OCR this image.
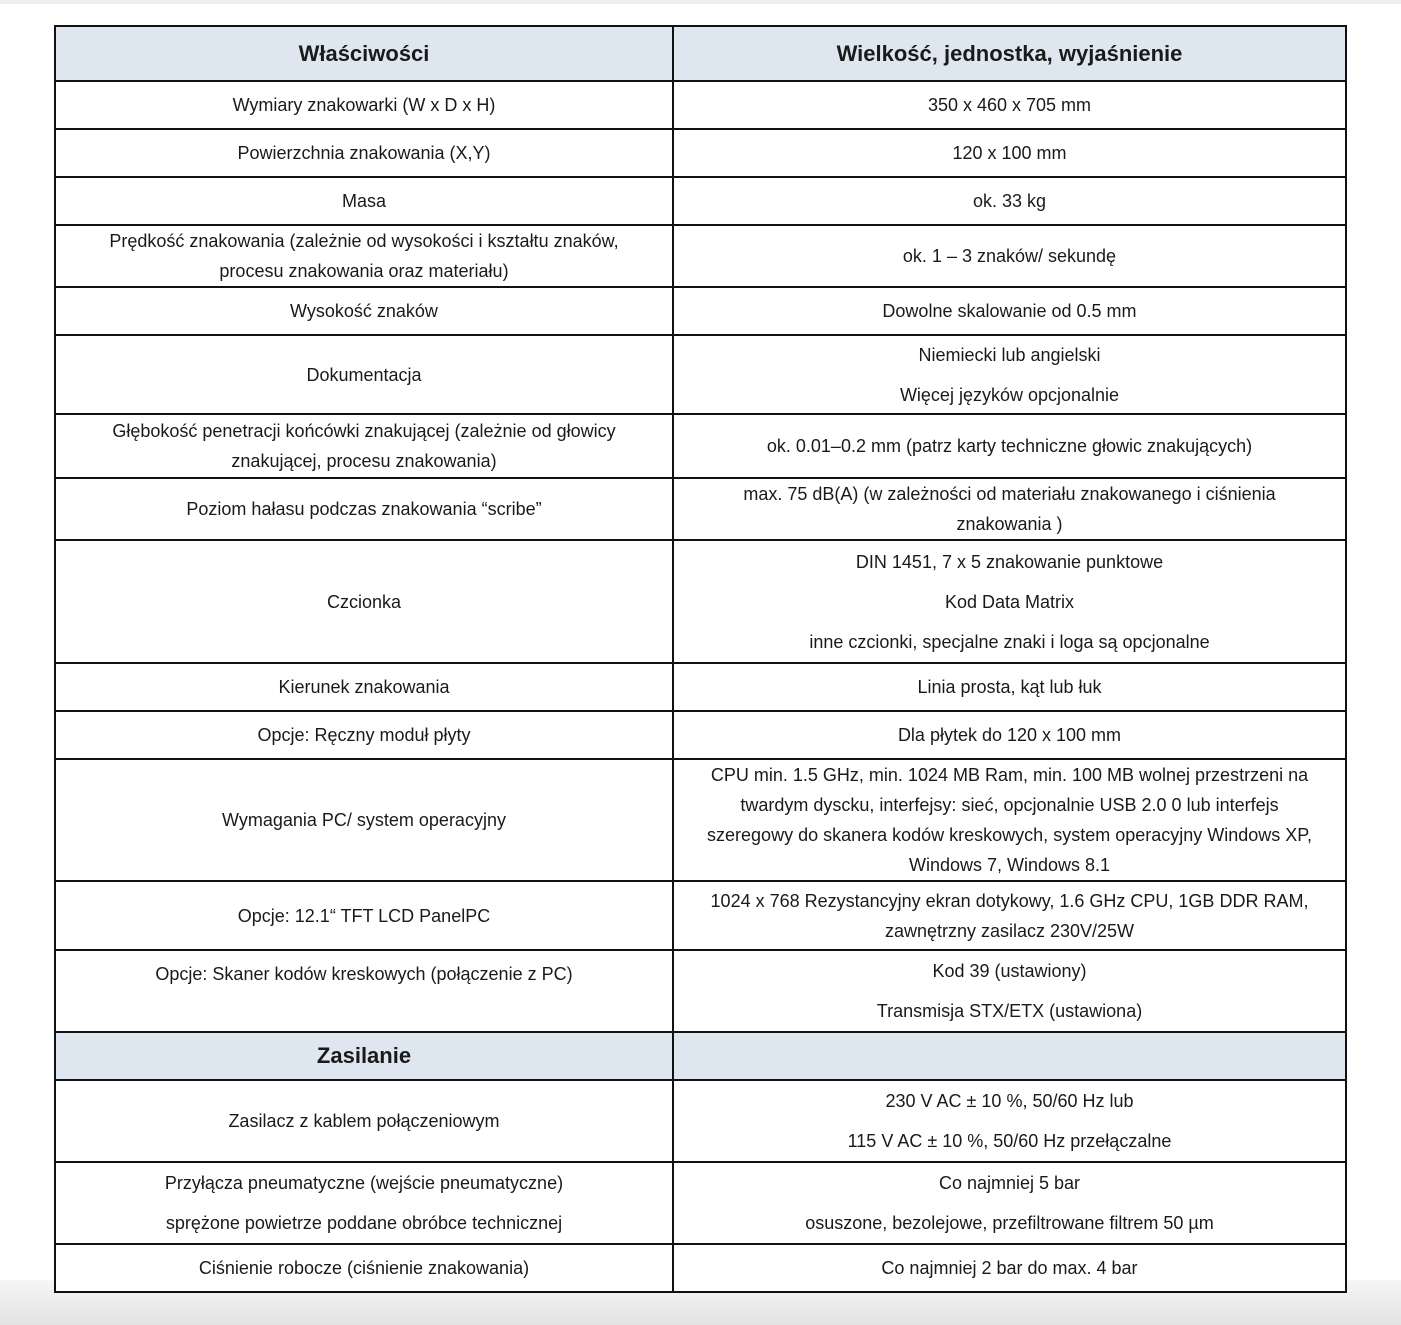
Właściwości	Wielkość, jednostka, wyjaśnienie

Wymiary znakowarki (W x D x H)	350 x 460 x 705 mm

Powierzchnia znakowania (X,Y)	120 x 100 mm

Masa	ok. 33 kg

Prędkość znakowania (zależnie od wysokości i kształtu znaków,
procesu znakowania oraz materiału)	ok. 1 – 3 znaków/ sekundę

Wysokość znaków	Dowolne skalowanie od 0.5 mm

Dokumentacja	Niemiecki lub angielski
Więcej języków opcjonalnie

Głębokość penetracji końcówki znakującej (zależnie od głowicy
znakującej, procesu znakowania)	ok. 0.01–0.2 mm (patrz karty techniczne głowic znakujących)

Poziom hałasu podczas znakowania “scribe”	max. 75 dB(A) (w zależności od materiału znakowanego i ciśnienia
znakowania )

Czcionka	DIN 1451, 7 x 5 znakowanie punktowe
Kod Data Matrix
inne czcionki, specjalne znaki i loga są opcjonalne

Kierunek znakowania	Linia prosta, kąt lub łuk

Opcje: Ręczny moduł płyty	Dla płytek do 120 x 100 mm

Wymagania PC/ system operacyjny	CPU min. 1.5 GHz, min. 1024 MB Ram, min. 100 MB wolnej przestrzeni na
twardym dyscku, interfejsy: sieć, opcjonalnie USB 2.0 0 lub interfejs
szeregowy do skanera kodów kreskowych, system operacyjny Windows XP,
Windows 7, Windows 8.1

Opcje: 12.1“ TFT LCD PanelPC	1024 x 768 Rezystancyjny ekran dotykowy, 1.6 GHz CPU, 1GB DDR RAM,
zawnętrzny zasilacz 230V/25W

Opcje: Skaner kodów kreskowych (połączenie z PC)	Kod 39 (ustawiony)
Transmisja STX/ETX (ustawiona)

Zasilanie	

Zasilacz z kablem połączeniowym	230 V AC ± 10 %, 50/60 Hz lub
115 V AC ± 10 %, 50/60 Hz przełączalne

Przyłącza pneumatyczne (wejście pneumatyczne)
sprężone powietrze poddane obróbce technicznej	Co najmniej 5 bar
osuszone, bezolejowe, przefiltrowane filtrem 50 µm

Ciśnienie robocze (ciśnienie znakowania)	Co najmniej 2 bar do max. 4 bar
